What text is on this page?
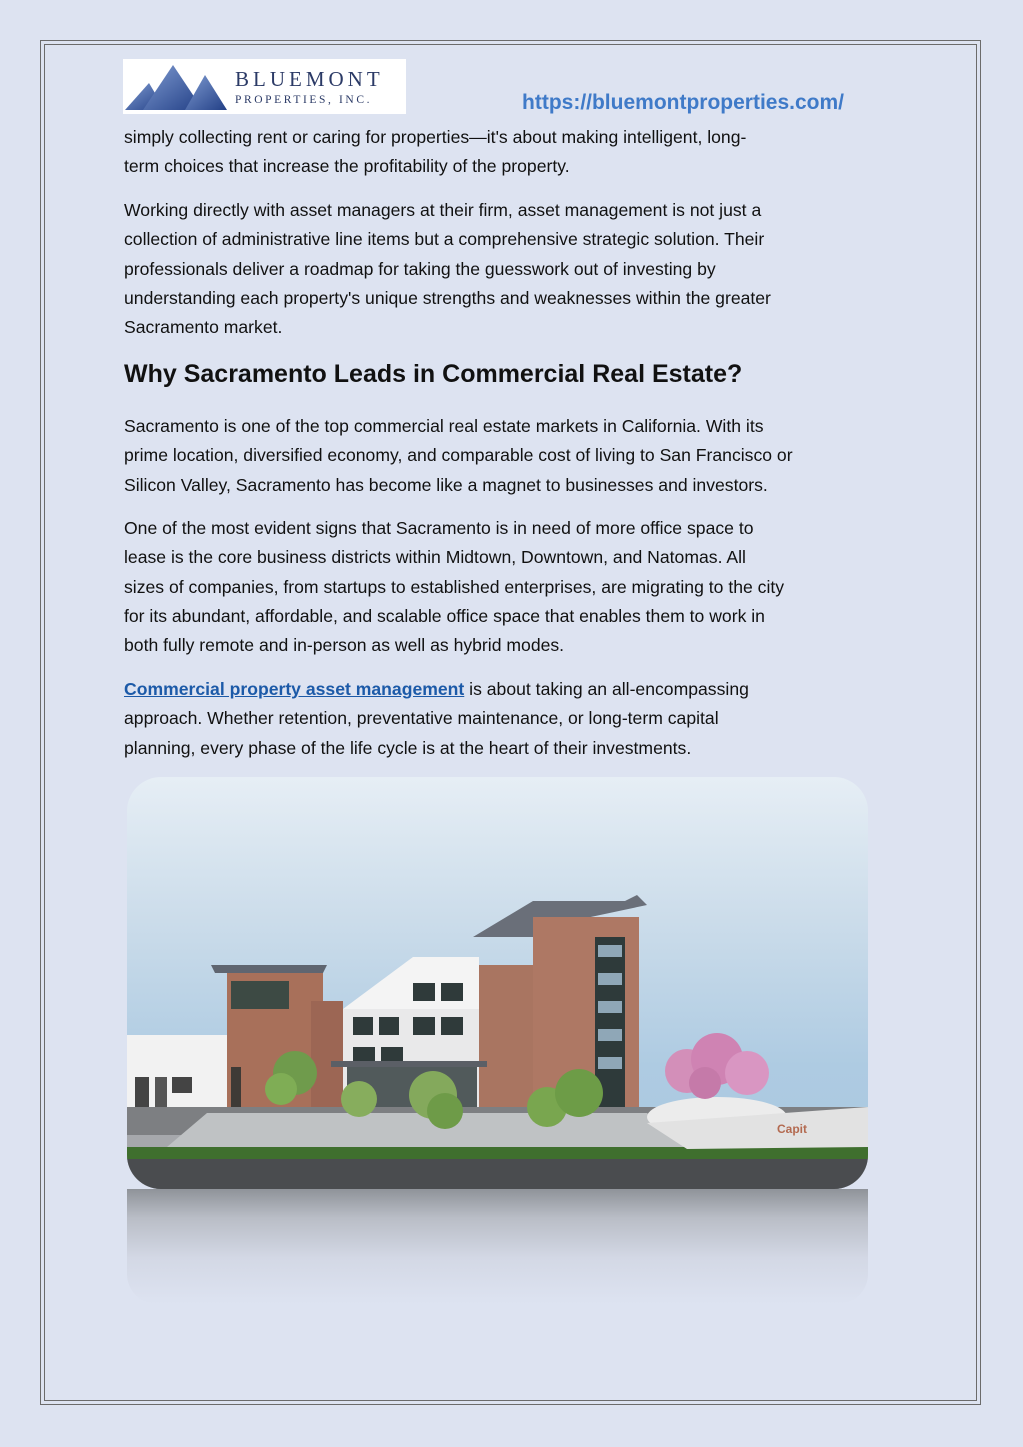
BLUEMONT
PROPERTIES, INC.	https://bluemontproperties.com/

simply collecting rent or caring for properties—it's about making intelligent, long-
term choices that increase the profitability of the property.

Working directly with asset managers at their firm, asset management is not just a
collection of administrative line items but a comprehensive strategic solution. Their
professionals deliver a roadmap for taking the guesswork out of investing by
understanding each property's unique strengths and weaknesses within the greater
Sacramento market.

Why Sacramento Leads in Commercial Real Estate?

Sacramento is one of the top commercial real estate markets in California. With its
prime location, diversified economy, and comparable cost of living to San Francisco or
Silicon Valley, Sacramento has become like a magnet to businesses and investors.

One of the most evident signs that Sacramento is in need of more office space to
lease is the core business districts within Midtown, Downtown, and Natomas. All
sizes of companies, from startups to established enterprises, are migrating to the city
for its abundant, affordable, and scalable office space that enables them to work in
both fully remote and in-person as well as hybrid modes.

Commercial property asset management is about taking an all-encompassing
approach. Whether retention, preventative maintenance, or long-term capital
planning, every phase of the life cycle is at the heart of their investments.

Capit
